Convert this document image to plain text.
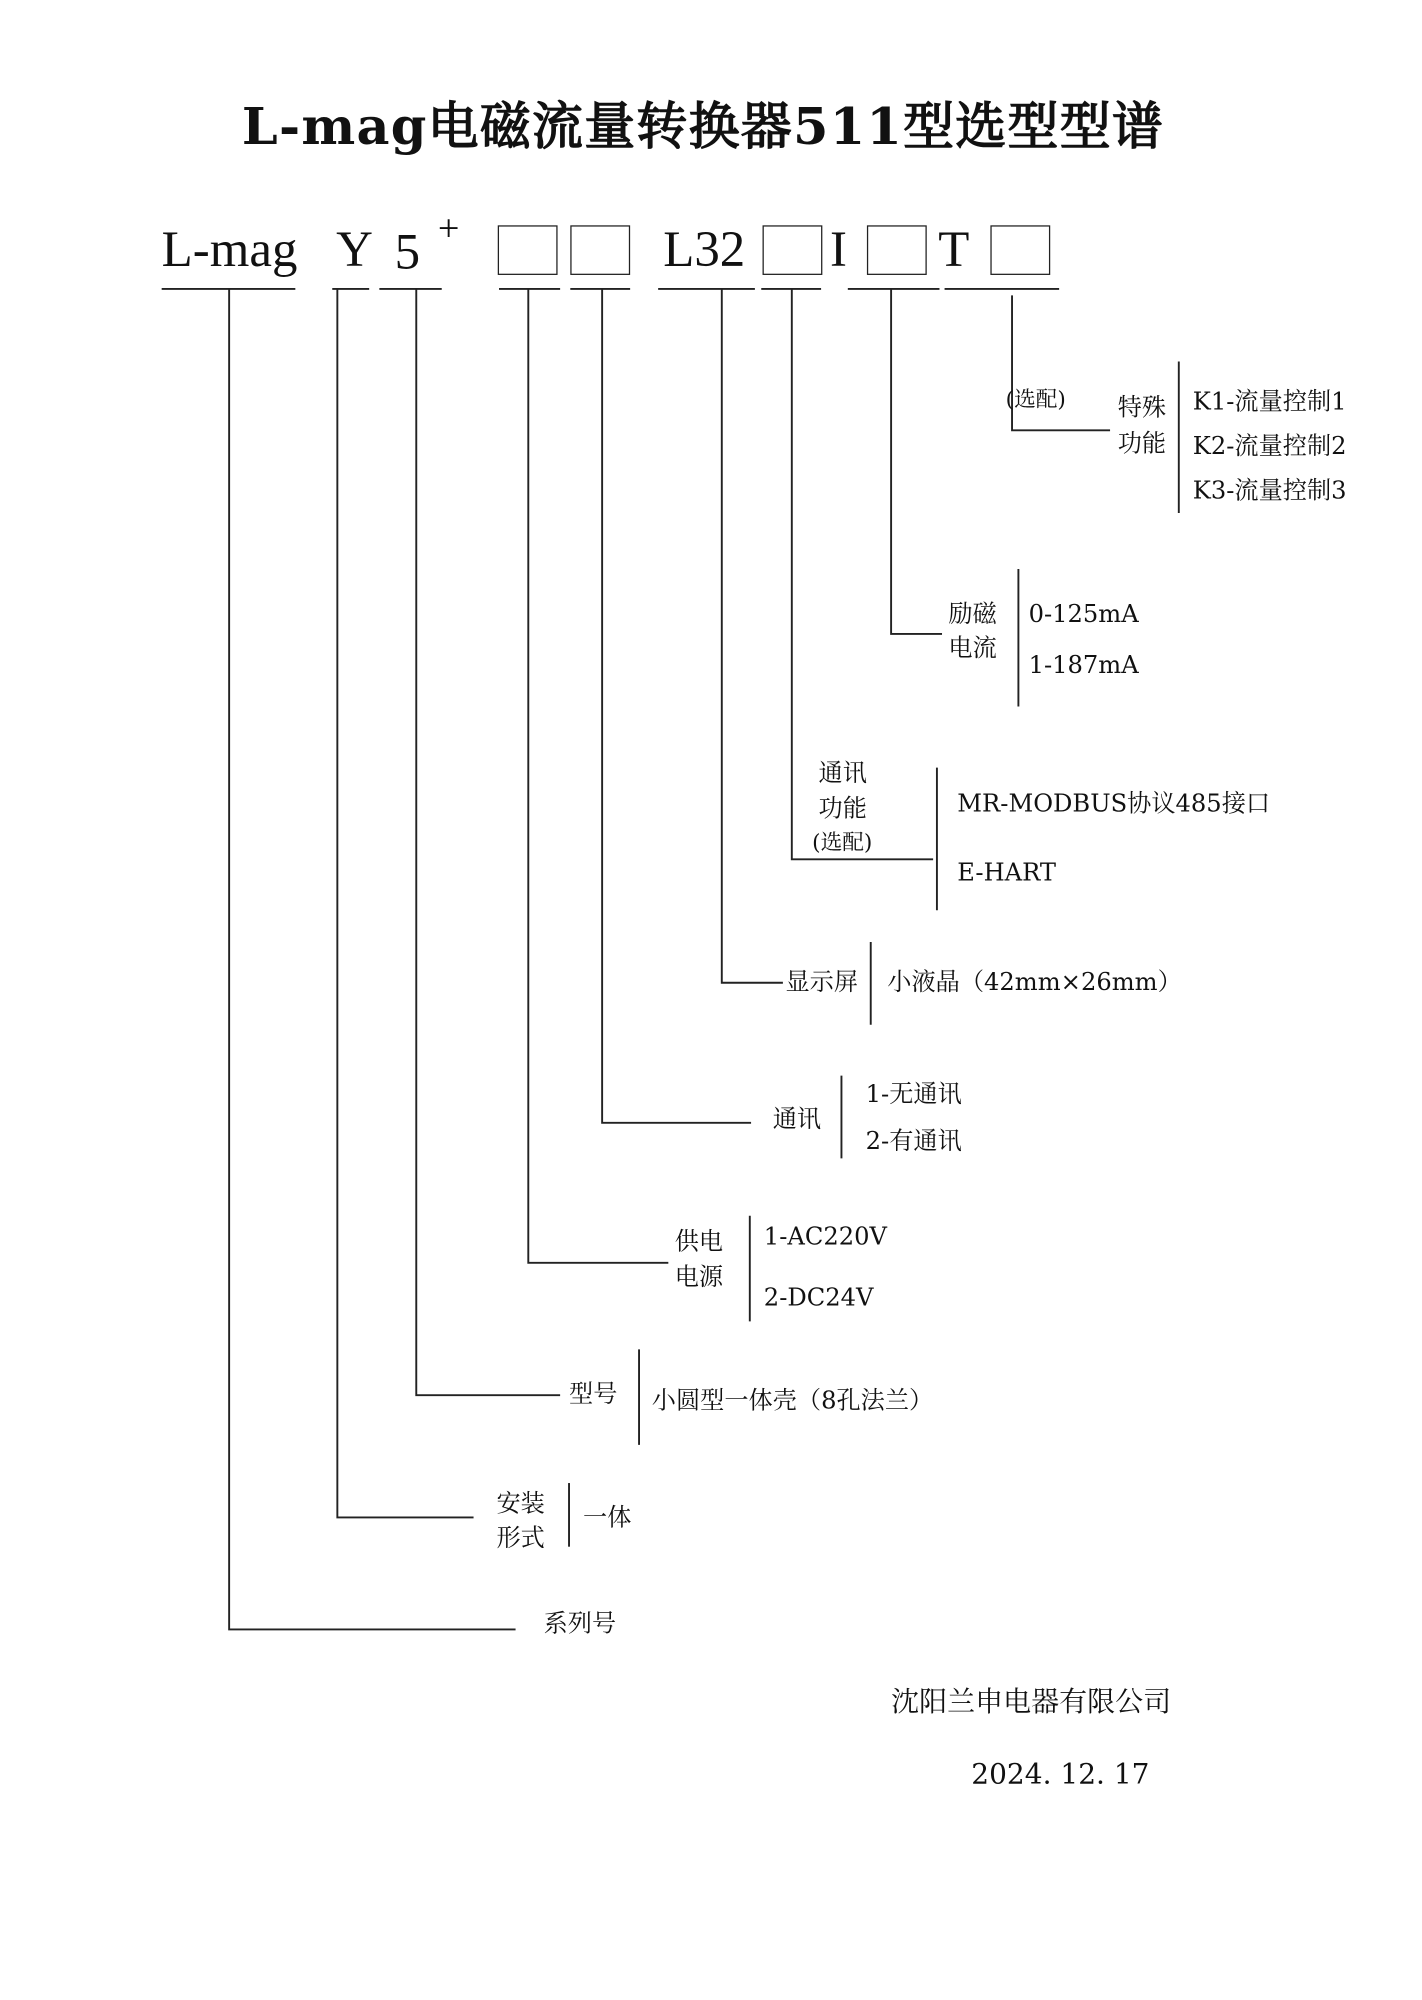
L-mag电磁流量转换器511型选型型谱
L-mag Y 5 +	L32 I T
(选配)	特殊
功能
K1-流量控制1
K2-流量控制2
K3-流量控制3
励磁
电流
0-125mA
1-187mA
通讯
功能
(选配)
MR-MODBUS协议485接口
E-HART
显示屏 小液晶（42mm×26mm）
通讯
1-无通讯
2-有通讯
供电
电源
1-AC220V
2-DC24V
型号 小圆型一体壳（8孔法兰）
安装
形式
一体
系列号
沈阳兰申电器有限公司
2024. 12. 17
